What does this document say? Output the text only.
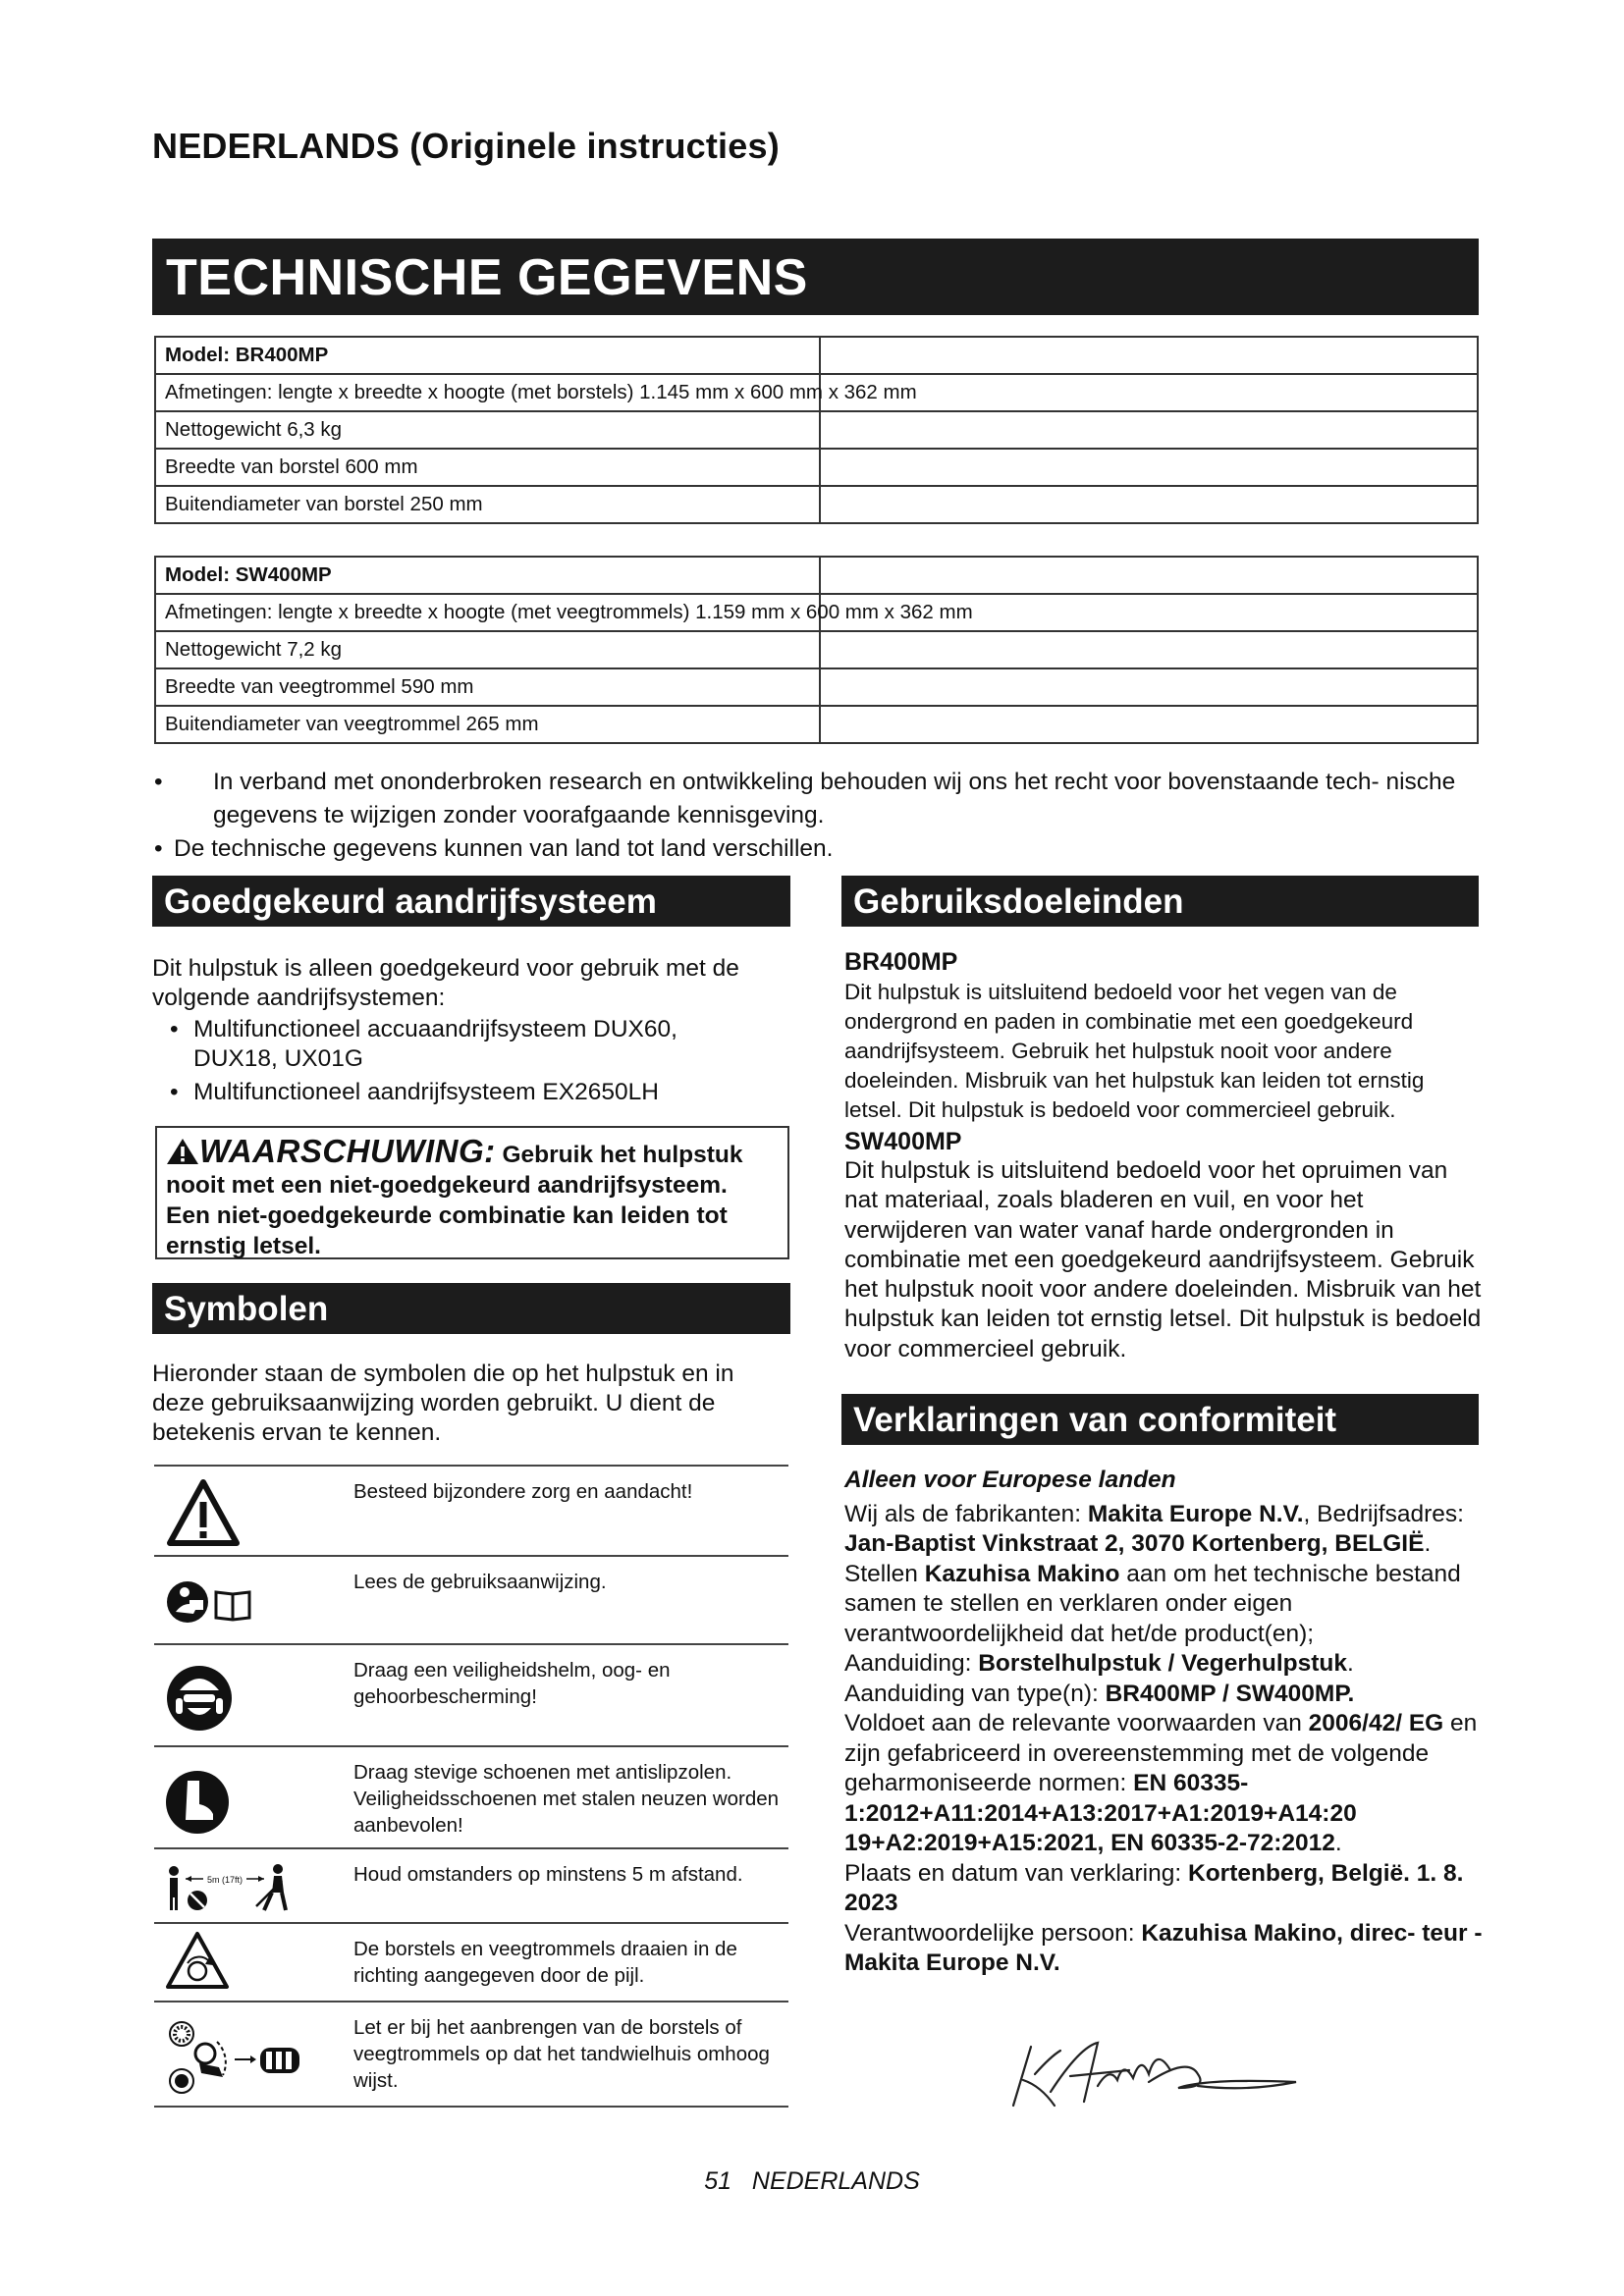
NEDERLANDS (Originele instructies)
TECHNISCHE GEGEVENS
Model: BR400MP	
Afmetingen: lengte x breedte x hoogte (met borstels) 1.145 mm x 600 mm x 362 mm	
Nettogewicht 6,3 kg	
Breedte van borstel 600 mm	
Buitendiameter van borstel 250 mm	
Model: SW400MP	
Afmetingen: lengte x breedte x hoogte (met veegtrommels) 1.159 mm x 600 mm x 362 mm	
Nettogewicht 7,2 kg	
Breedte van veegtrommel 590 mm	
Buitendiameter van veegtrommel 265 mm	
• In verband met ononderbroken research en ontwikkeling behouden wij ons het recht voor bovenstaande tech- nische gegevens te wijzigen zonder voorafgaande kennisgeving.
• De technische gegevens kunnen van land tot land verschillen.
Goedgekeurd aandrijfsysteem
Dit hulpstuk is alleen goedgekeurd voor gebruik met de volgende aandrijfsystemen:
• Multifunctioneel accuaandrijfsysteem DUX60, DUX18, UX01G
• Multifunctioneel aandrijfsysteem EX2650LH
WAARSCHUWING: Gebruik het hulpstuk nooit met een niet-goedgekeurd aandrijfsysteem. Een niet-goedgekeurde combinatie kan leiden tot ernstig letsel.
Symbolen
Hieronder staan de symbolen die op het hulpstuk en in deze gebruiksaanwijzing worden gebruikt. U dient de betekenis ervan te kennen.
Besteed bijzondere zorg en aandacht!
Lees de gebruiksaanwijzing.
Draag een veiligheidshelm, oog- en gehoorbescherming!
Draag stevige schoenen met antislipzolen. Veiligheidsschoenen met stalen neuzen worden aanbevolen!
5m (17ft)	Houd omstanders op minstens 5 m afstand.
De borstels en veegtrommels draaien in de richting aangegeven door de pijl.
Let er bij het aanbrengen van de borstels of veegtrommels op dat het tandwielhuis omhoog wijst.
Gebruiksdoeleinden
BR400MP
Dit hulpstuk is uitsluitend bedoeld voor het vegen van de ondergrond en paden in combinatie met een goedgekeurd aandrijfsysteem. Gebruik het hulpstuk nooit voor andere doeleinden. Misbruik van het hulpstuk kan leiden tot ernstig letsel. Dit hulpstuk is bedoeld voor commercieel gebruik.
SW400MP
Dit hulpstuk is uitsluitend bedoeld voor het opruimen van nat materiaal, zoals bladeren en vuil, en voor het verwijderen van water vanaf harde ondergronden in combinatie met een goedgekeurd aandrijfsysteem. Gebruik het hulpstuk nooit voor andere doeleinden. Misbruik van het hulpstuk kan leiden tot ernstig letsel. Dit hulpstuk is bedoeld voor commercieel gebruik.
Verklaringen van conformiteit
Alleen voor Europese landen
Wij als de fabrikanten: Makita Europe N.V., Bedrijfsadres: Jan-Baptist Vinkstraat 2, 3070 Kortenberg, BELGIË. Stellen Kazuhisa Makino aan om het technische bestand samen te stellen en verklaren onder eigen verantwoordelijkheid dat het/de product(en);
Aanduiding: Borstelhulpstuk / Vegerhulpstuk.
Aanduiding van type(n): BR400MP / SW400MP.
Voldoet aan de relevante voorwaarden van 2006/42/ EG en zijn gefabriceerd in overeenstemming met de volgende geharmoniseerde normen: EN 60335-1:2012+A11:2014+A13:2017+A1:2019+A14:20 19+A2:2019+A15:2021, EN 60335-2-72:2012.
Plaats en datum van verklaring: Kortenberg, België. 1. 8. 2023
Verantwoordelijke persoon: Kazuhisa Makino, direc- teur - Makita Europe N.V.
51 NEDERLANDS
